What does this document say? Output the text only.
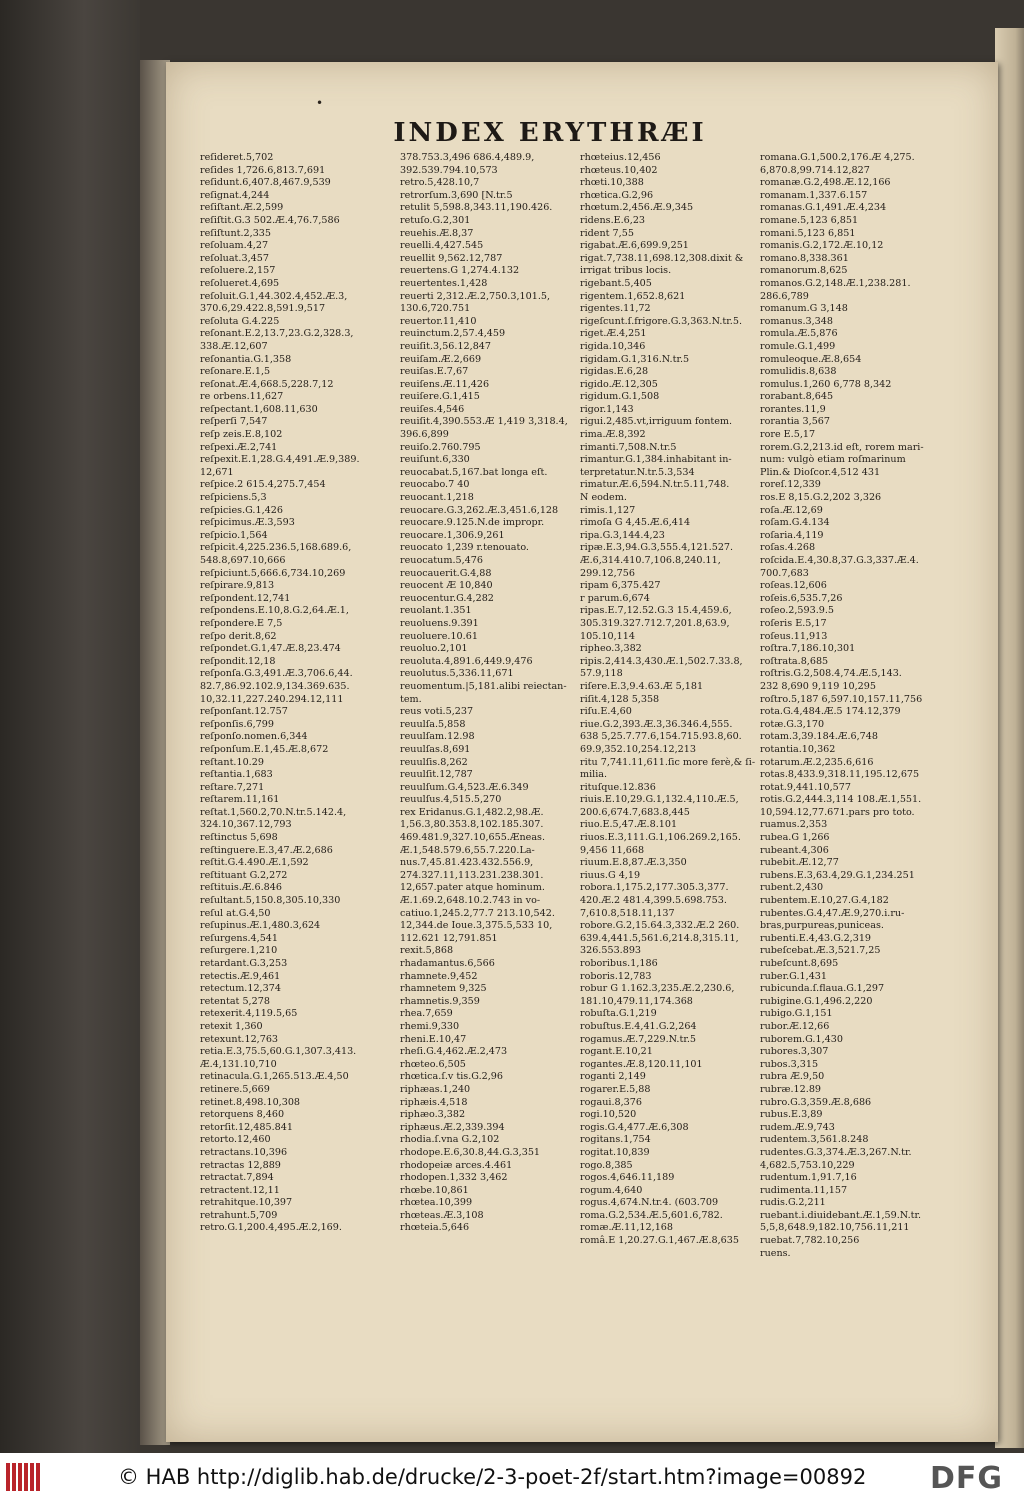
•
INDEX ERYTHRÆI
reſideret.5,702
reſides 1,726.6,813.7,691
reſidunt.6,407.8,467.9,539
reſignat.4,244
reſiſtant.Æ.2,599
reſiſtit.G.3 502.Æ.4,76.7,586
reſiſtunt.2,335
reſoluam.4,27
reſoluat.3,457
reſoluere.2,157
reſolueret.4,695
reſoluit.G.1,44.302.4,452.Æ.3,
370.6,29.422.8,591.9,517
reſoluta G.4.225
reſonant.E.2,13.7,23.G.2,328.3,
338.Æ.12,607
reſonantia.G.1,358
reſonare.E.1,5
reſonat.Æ.4,668.5,228.7,12
re orbens.11,627
reſpectant.1,608.11,630
reſperſi 7,547
reſp zeis.E.8,102
reſpexi.Æ.2,741
reſpexit.E.1,28.G.4,491.Æ.9,389.
12,671
reſpice.2 615.4,275.7,454
reſpiciens.5,3
reſpicies.G.1,426
reſpicimus.Æ.3,593
reſpicio.1,564
reſpicit.4,225.236.5,168.689.6,
548.8,697.10,666
reſpiciunt.5,666.6,734.10,269
reſpirare.9,813
reſpondent.12,741
reſpondens.E.10,8.G.2,64.Æ.1,
reſpondere.E 7,5
reſpo derit.8,62
reſpondet.G.1,47.Æ.8,23.474
reſpondit.12,18
reſponſa.G.3,491.Æ.3,706.6,44.
82.7,86.92.102.9,134.369.635.
10,32.11,227.240.294.12,111
reſponſant.12.757
reſponſis.6,799
reſponſo.nomen.6,344
reſponſum.E.1,45.Æ.8,672
reſtant.10.29
reſtantia.1,683
reſtare.7,271
reſtarem.11,161
reſtat.1,560.2,70.N.tr.5.142.4,
324.10,367.12,793
reſtinctus 5,698
reſtinguere.E.3,47.Æ.2,686
reſtit.G.4.490.Æ.1,592
reſtituant G.2,272
reſtituis.Æ.6.846
reſultant.5,150.8,305.10,330
reſul at.G.4,50
reſupinus.Æ.1,480.3,624
reſurgens.4,541
reſurgere.1,210
retardant.G.3,253
retectis.Æ.9,461
retectum.12,374
retentat 5,278
retexerit.4,119.5,65
retexit 1,360
retexunt.12,763
retia.E.3,75.5,60.G.1,307.3,413.
Æ.4,131.10,710
retinacula.G.1,265.513.Æ.4,50
retinere.5,669
retinet.8,498.10,308
retorquens 8,460
retorſit.12,485.841
retorto.12,460
retractans.10,396
retractas 12,889
retractat.7,894
retractent.12,11
retrahitque.10,397
retrahunt.5,709
retro.G.1,200.4,495.Æ.2,169.
378.753.3,496 686.4,489.9,
392.539.794.10,573
retro.5,428.10,7
retrorſum.3,690 [N.tr.5
retulit 5,598.8,343.11,190.426.
retuſo.G.2,301
reuehis.Æ.8,37
reuelli.4,427.545
reuellit 9,562.12,787
reuertens.G 1,274.4.132
reuertentes.1,428
reuerti 2,312.Æ.2,750.3,101.5,
130.6,720.751
reuertor.11,410
reuinctum.2,57.4,459
reuiſit.3,56.12,847
reuiſam.Æ.2,669
reuiſas.E.7,67
reuiſens.Æ.11,426
reuiſere.G.1,415
reuiſes.4,546
reuiſit.4,390.553.Æ 1,419 3,318.4,
396.6,899
reuiſo.2.760.795
reuiſunt.6,330
reuocabat.5,167.bat longa eſt.
reuocabo.7 40
reuocant.1,218
reuocare.G.3,262.Æ.3,451.6,128
reuocare.9.125.N.de impropr.
reuocare.1,306.9,261
reuocato 1,239 r.tenouato.
reuocatum.5,476
reuocauerit.G.4,88
reuocent Æ 10,840
reuocentur.G.4,282
reuolant.1.351
reuoluens.9.391
reuoluere.10.61
reuoluo.2,101
reuoluta.4,891.6,449.9,476
reuolutus.5,336.11,671
reuomentum.|5,181.alibi reiectan-
tem.
reus voti.5,237
reuulſa.5,858
reuulſam.12.98
reuulſas.8,691
reuulſis.8,262
reuulſit.12,787
reuulſum.G.4,523.Æ.6.349
reuulſus.4,515.5,270
rex Eridanus.G.1,482.2,98.Æ.
1,56.3,80.353.8,102.185.307.
469.481.9,327.10,655.Æneas.
Æ.1,548.579.6,55.7.220.La-
nus.7,45.81.423.432.556.9,
274.327.11,113.231.238.301.
12,657.pater atque hominum.
Æ.1.69.2,648.10.2.743 in vo-
catiuo.1,245.2,77.7 213.10,542.
12,344.de Ioue.3,375.5,533 10,
112.621 12,791.851
rexit.5,868
rhadamantus.6,566
rhamnete.9,452
rhamnetem 9,325
rhamnetis.9,359
rhea.7,659
rhemi.9,330
rheni.E.10,47
rheſi.G.4,462.Æ.2,473
rhœteo.6,505
rhœtica.ſ.v tis.G.2,96
riphæas.1,240
riphæis.4,518
riphæo.3,382
riphæus.Æ.2,339.394
rhodia.ſ.vna G.2,102
rhodope.E.6,30.8,44.G.3,351
rhodopeiæ arces.4.461
rhodopen.1,332 3,462
rhœbe.10,861
rhœtea.10,399
rhœteas.Æ.3,108
rhœteia.5,646
rhœteius.12,456
rhœteus.10,402
rhœti.10,388
rhœtica.G.2,96
rhœtum.2,456.Æ.9,345
ridens.E.6,23
rident 7,55
rigabat.Æ.6,699.9,251
rigat.7,738.11,698.12,308.dixit &
irrigat tribus locis.
rigebant.5,405
rigentem.1,652.8,621
rigentes.11,72
rigeſcunt.ſ.frigore.G.3,363.N.tr.5.
riget.Æ.4,251
rigida.10,346
rigidam.G.1,316.N.tr.5
rigidas.E.6,28
rigido.Æ.12,305
rigidum.G.1,508
rigor.1,143
rigui.2,485.vt,irriguum fontem.
rima.Æ.8,392
rimanti.7,508.N.tr.5
rimantur.G.1,384.inhabitant in-
terpretatur.N.tr.5.3,534
rimatur.Æ.6,594.N.tr.5.11,748.
N eodem.
rimis.1,127
rimoſa G 4,45.Æ.6,414
ripa.G.3,144.4,23
ripæ.E.3,94.G.3,555.4,121.527.
Æ.6,314.410.7,106.8,240.11,
299.12,756
ripam 6,375.427
r parum.6,674
ripas.E.7,12.52.G.3 15.4,459.6,
305.319.327.712.7,201.8,63.9,
105.10,114
ripheo.3,382
ripis.2,414.3,430.Æ.1,502.7.33.8,
57.9,118
riſere.E.3,9.4.63.Æ 5,181
riſit.4,128 5,358
riſu.E.4,60
riue.G.2,393.Æ.3,36.346.4,555.
638 5,25.7.77.6,154.715.93.8,60.
69.9,352.10,254.12,213
ritu 7,741.11,611.ſic more ferè,& ſi-
milia.
rituſque.12.836
riuis.E.10,29.G.1,132.4,110.Æ.5,
200.6,674.7,683.8,445
riuo.E.5,47.Æ.8.101
riuos.E.3,111.G.1,106.269.2,165.
9,456 11,668
riuum.E.8,87.Æ.3,350
riuus.G 4,19
robora.1,175.2,177.305.3,377.
420.Æ.2 481.4,399.5.698.753.
7,610.8,518.11,137
robore.G.2,15.64.3,332.Æ.2 260.
639.4,441.5,561.6,214.8,315.11,
326.553.893
roboribus.1,186
roboris.12,783
robur G 1.162.3,235.Æ.2,230.6,
181.10,479.11,174.368
robuſta.G.1,219
robuſtus.E.4,41.G.2,264
rogamus.Æ.7,229.N.tr.5
rogant.E.10,21
rogantes.Æ.8,120.11,101
roganti 2,149
rogarer.E.5,88
rogaui.8,376
rogi.10,520
rogis.G.4,477.Æ.6,308
rogitans.1,754
rogitat.10,839
rogo.8,385
rogos.4,646.11,189
rogum.4,640
rogus.4,674.N.tr.4. (603.709
roma.G.2,534.Æ.5,601.6,782.
romæ.Æ.11,12,168
româ.E 1,20.27.G.1,467.Æ.8,635
romana.G.1,500.2,176.Æ 4,275.
6,870.8,99.714.12,827
romanæ.G.2,498.Æ.12,166
romanam.1,337.6.157
romanas.G.1,491.Æ.4,234
romane.5,123 6,851
romani.5,123 6,851
romanis.G.2,172.Æ.10,12
romano.8,338.361
romanorum.8,625
romanos.G.2,148.Æ.1,238.281.
286.6,789
romanum.G 3,148
romanus.3,348
romula.Æ.5,876
romule.G.1,499
romuleoque.Æ.8,654
romulidis.8,638
romulus.1,260 6,778 8,342
rorabant.8,645
rorantes.11,9
rorantia 3,567
rore E.5,17
rorem.G.2,213.id eſt, rorem mari-
num: vulgò etiam roſmarinum
Plin.& Dioſcor.4,512 431
roreſ.12,339
ros.E 8,15.G.2,202 3,326
roſa.Æ.12,69
roſam.G.4.134
roſaria.4,119
roſas.4.268
roſcida.E.4,30.8,37.G.3,337.Æ.4.
700.7,683
roſeas.12,606
roſeis.6,535.7,26
roſeo.2,593.9.5
roſeris E.5,17
roſeus.11,913
roſtra.7,186.10,301
roſtrata.8,685
roſtris.G.2,508.4,74.Æ.5,143.
232 8,690 9,119 10,295
roſtro.5,187 6,597.10,157.11,756
rota.G.4,484.Æ.5 174.12,379
rotæ.G.3,170
rotam.3,39.184.Æ.6,748
rotantia.10,362
rotarum.Æ.2,235.6,616
rotas.8,433.9,318.11,195.12,675
rotat.9,441.10,577
rotis.G.2,444.3,114 108.Æ.1,551.
10,594.12,77.671.pars pro toto.
ruamus.2,353
rubea.G 1,266
rubeant.4,306
rubebit.Æ.12,77
rubens.E.3,63.4,29.G.1,234.251
rubent.2,430
rubentem.E.10,27.G.4,182
rubentes.G.4,47.Æ.9,270.i.ru-
bras,purpureas,puniceas.
rubenti.E.4,43.G.2,319
rubeſcebat.Æ.3,521.7,25
rubeſcunt.8,695
ruber.G.1,431
rubicunda.ſ.flaua.G.1,297
rubigine.G.1,496.2,220
rubigo.G.1,151
rubor.Æ.12,66
ruborem.G.1,430
rubores.3,307
rubos.3,315
rubra Æ.9,50
rubræ.12.89
rubro.G.3,359.Æ.8,686
rubus.E.3,89
rudem.Æ.9,743
rudentem.3,561.8.248
rudentes.G.3,374.Æ.3,267.N.tr.
4,682.5,753.10,229
rudentum.1,91.7,16
rudimenta.11,157
rudis.G.2,211
ruebant.i.diuidebant.Æ.1,59.N.tr.
5,5,8,648.9,182.10,756.11,211
ruebat.7,782.10,256
ruens.
© HAB http://diglib.hab.de/drucke/2-3-poet-2f/start.htm?image=00892 DFG
